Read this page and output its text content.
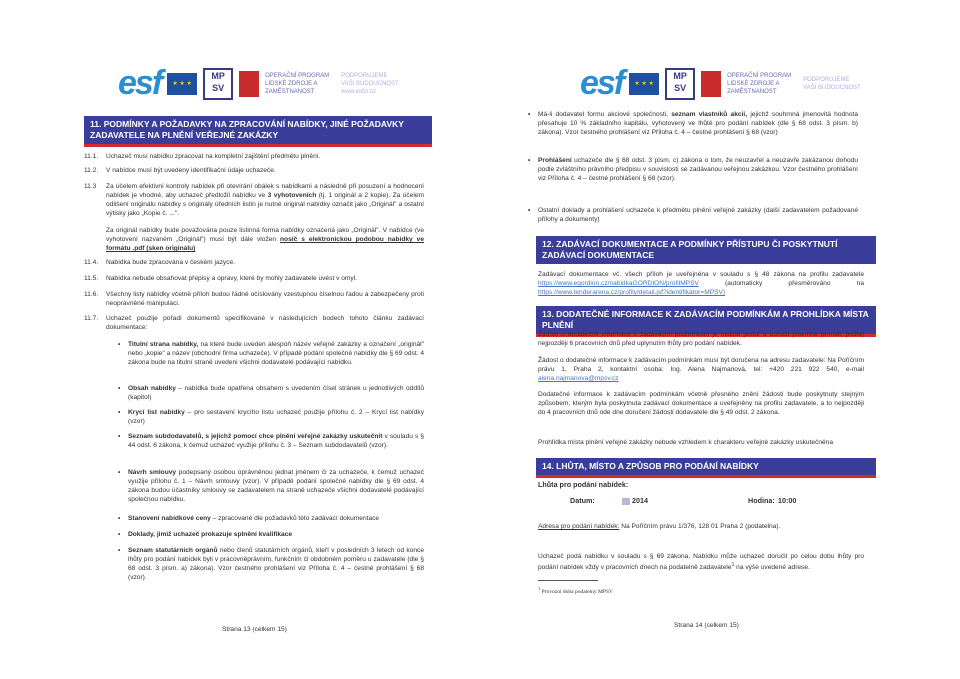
esf	★ ★ ★
MP SV
OPERAČNÍ PROGRAM LIDSKÉ ZDROJE A ZAMĚSTNANOST
PODPORUJEME VAŠI BUDOUCNOST www.esfcr.cz
11. PODMÍNKY A POŽADAVKY NA ZPRACOVÁNÍ NABÍDKY, JINÉ POŽADAVKY ZADAVATELE NA PLNĚNÍ VEŘEJNÉ ZAKÁZKY
11.1. Uchazeč musí nabídku zpracovat na kompletní zajištění předmětu plnění.
11.2. V nabídce musí být uvedeny identifikační údaje uchazeče.
11.3	Za účelem efektivní kontroly nabídek při otevírání obálek s nabídkami a následně při posuzení a hodnocení nabídek je vhodné, aby uchazeč předložil nabídku ve 3 vyhotoveních (tj. 1 originál a 2 kopie). Za účelem odlišení originálu nabídky s originály úředních listin je nutné originál nabídky označit jako „Originál" a ostatní výtisky jako „Kopie č. ...".
Za originál nabídky bude považována pouze listinná forma nabídky označená jako „Originál". V nabídce (ve vyhotovení nazvaném „Originál") musí být dále vložen nosič s elektronickou podobou nabídky ve formátu .pdf (sken originálu)
11.4. Nabídka bude zpracována v českém jazyce.
11.5. Nabídka nebude obsahovat přepisy a opravy, které by mohly zadavatele uvést v omyl.
11.6.	Všechny listy nabídky včetně příloh budou řádně očíslovány vzestupnou číselnou řadou a zabezpečeny proti neoprávněné manipulaci.
11.7.	Uchazeč použije pořadí dokumentů specifikované v následujících bodech tohoto článku zadávací dokumentace:
• Titulní strana nabídky, na které bude uveden alespoň název veřejné zakázky a označení „originál" nebo „kopie" a název (obchodní firma uchazeče). V případě podání společné nabídky dle § 69 odst. 4 zákona bude na titulní straně uvedeni všichni dodavatelé podávající nabídku.
• Obsah nabídky – nabídka bude opatřena obsahem s uvedením čísel stránek u jednotlivých oddílů (kapitol)
• Krycí list nabídky – pro sestavení krycího listu uchazeč použije přílohu č. 2 – Krycí list nabídky (vzor)
• Seznam subdodavatelů, s jejichž pomocí chce plnění veřejné zakázky uskutečnit v souladu s § 44 odst. 6 zákona, k čemuž uchazeč využije přílohu č. 3 – Seznam subdodavatelů (vzor).
• Návrh smlouvy podepsaný osobou oprávněnou jednat jménem či za uchazeče, k čemuž uchazeč využije přílohu č. 1 – Návrh smlouvy (vzor). V případě podání společné nabídky dle § 69 odst. 4 zákona budou účastníky smlouvy se zadavatelem na straně uchazeče všichni dodavatelé podávající společnou nabídku.
• Stanovení nabídkové ceny – zpracované dle požadavků této zadávací dokumentace
• Doklady, jimiž uchazeč prokazuje splnění kvalifikace
• Seznam statutárních orgánů nebo členů statutárních orgánů, kteří v posledních 3 letech od konce lhůty pro podání nabídek byli v pracovněprávním, funkčním či obdobném poměru u zadavatele (dle § 68 odst. 3 písm. a) zákona). Vzor čestného prohlášení viz Příloha č. 4 – čestné prohlášení § 68 (vzor).
Strana 13 (celkem 15)
esf	★ ★ ★
MP SV
OPERAČNÍ PROGRAM LIDSKÉ ZDROJE A ZAMĚSTNANOST
PODPORUJEME VAŠI BUDOUCNOST
• Má-li dodavatel formu akciové společnosti, seznam vlastníků akcií, jejichž souhrnná jmenovitá hodnota přesahuje 10 % základního kapitálu, vyhotovený ve lhůtě pro podání nabídek (dle § 68 odst. 3 písm. b) zákona). Vzor čestného prohlášení viz Příloha č. 4 – čestné prohlášení § 68 (vzor)
• Prohlášení uchazeče dle § 68 odst. 3 písm. c) zákona o tom, že neuzavřel a neuzavře zakázanou dohodu podle zvláštního právního předpisu v souvislosti se zadávanou veřejnou zakázkou. Vzor čestného prohlášení viz Příloha č. 4 – čestné prohlášení § 68 (vzor).
• Ostatní doklady a prohlášení uchazeče k předmětu plnění veřejné zakázky (další zadavatelem požadované přílohy a dokumenty)
12. ZADÁVACÍ DOKUMENTACE A PODMÍNKY PŘÍSTUPU ČI POSKYTNUTÍ ZADÁVACÍ DOKUMENTACE
Zadávací dokumentace vč. všech příloh je uveřejněna v souladu s § 48 zákona na profilu zadavatele https://www.egordion.cz/nabidkaGORDION/profilMPSV	(automaticky přesměrováno	na https://www.tenderarena.cz/profily/detail.jsf?identifikator=MPSV)
13. DODATEČNÉ INFORMACE K ZADÁVACÍM PODMÍNKÁM A PROHLÍDKA MÍSTA PLNĚNÍ
Žádost o dodatečné informace k zadávacím podmínkám je možno podat a doručit písemně (e-mail, pošta) nejpozději 6 pracovních dnů před uplynutím lhůty pro podání nabídek.
Žádost o dodatečné informace k zadávacím podmínkám musí být doručena na adresu zadavatele: Na Poříčním právu 1, Praha 2, kontaktní osoba: Ing. Alena Najmanová, tel: +420 221 922 540, e-mail alena.najmanova@mpsv.cz
Dodatečné informace k zadávacím podmínkám včetně přesného znění žádosti bude poskytnuty stejným způsobem, kterým byla poskytnuta zadávací dokumentace a uveřejněny na profilu zadavatele, a to nejpozději do 4 pracovních dnů ode dne doručení žádosti dodavatele dle § 49 odst. 2 zákona.
Prohlídka místa plnění veřejné zakázky nebude vzhledem k charakteru veřejné zakázky uskutečněna
14. LHŮTA, MÍSTO A ZPŮSOB PRO PODÁNÍ NABÍDKY
Lhůta pro podání nabídek:
Datum:	2014	Hodina: 10:00
Adresa pro podání nabídek: Na Poříčním právu 1/376, 128 01 Praha 2 (podatelna).
Uchazeč podá nabídku v souladu s § 69 zákona. Nabídku může uchazeč doručit po celou dobu lhůty pro podání nabídek vždy v pracovních dnech na podatelně zadavatele$^1$ na výše uvedené adrese.
$^1$ Provozní doba podatelny MPSV
Strana 14 (celkem 15)
